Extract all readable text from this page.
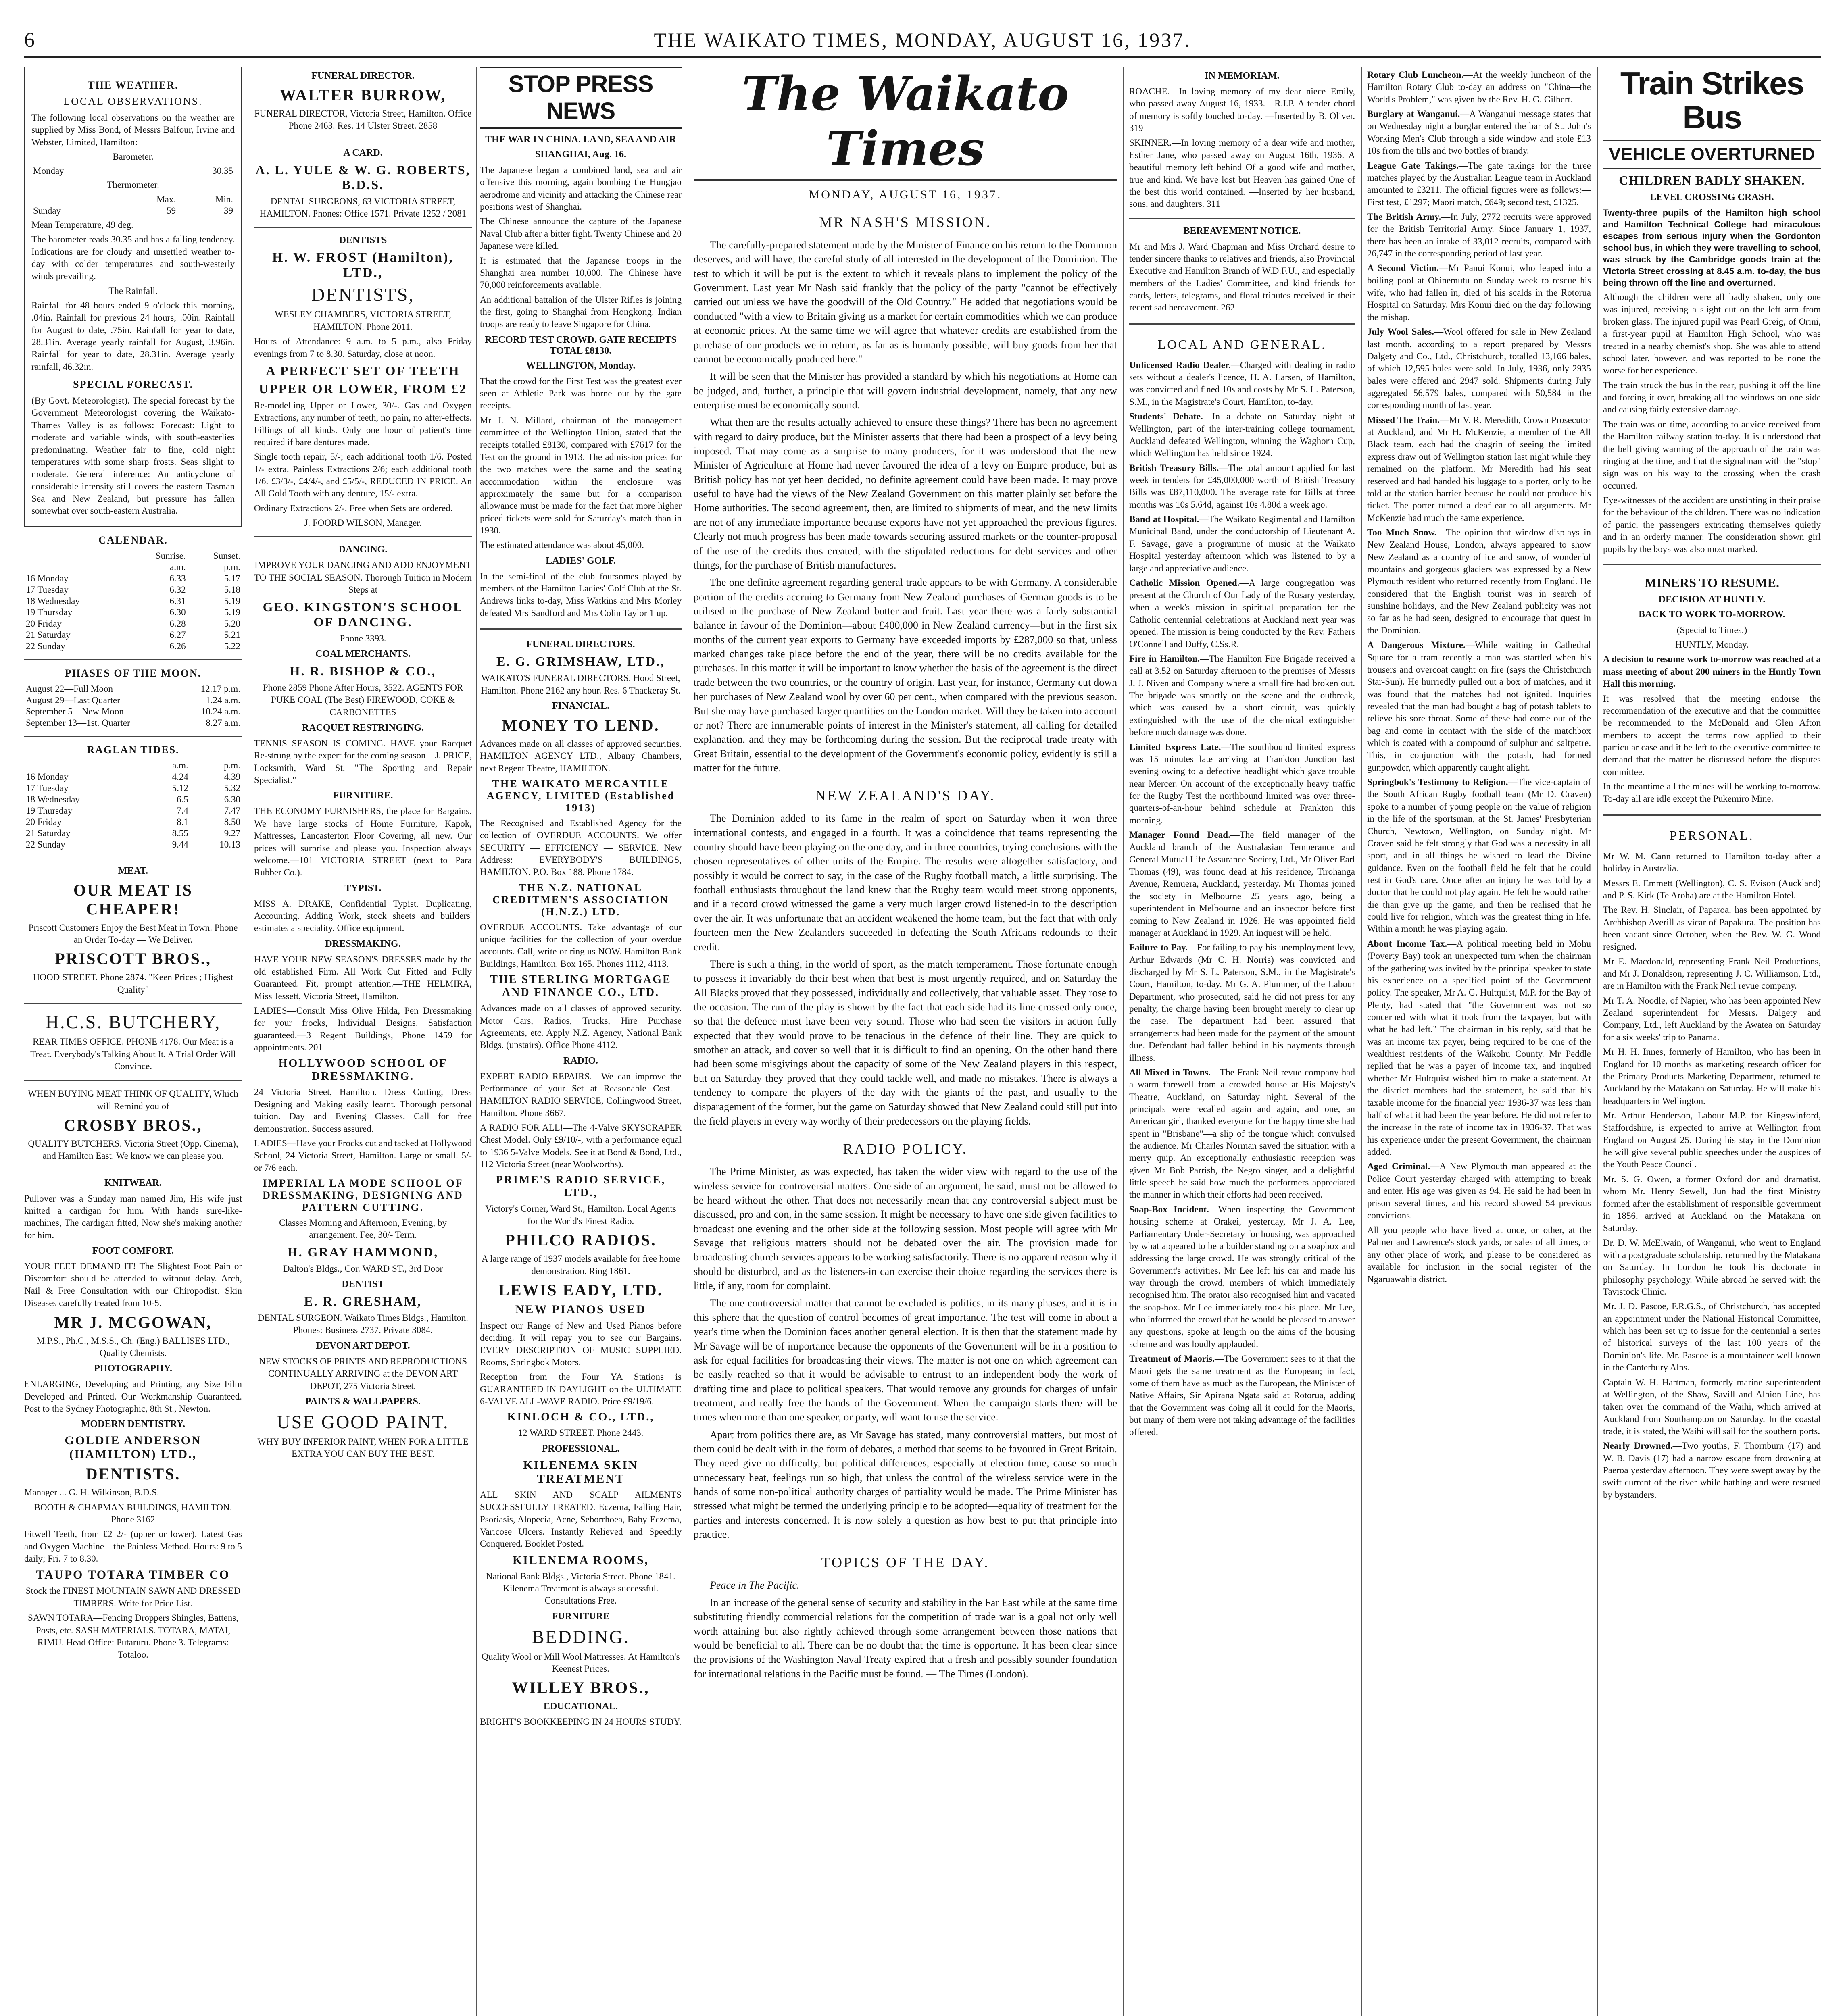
6	THE WAIKATO TIMES, MONDAY, AUGUST 16, 1937.
THE WEATHER.
LOCAL OBSERVATIONS.

The following local observations on the weather are supplied by Miss Bond, of Messrs Balfour, Irvine and Webster, Limited, Hamilton:

Barometer.
Monday	30.35
Thermometer.
	Max.	Min.
Sunday	59	39

Mean Temperature, 49 deg.

The barometer reads 30.35 and has a falling tendency. Indications are for cloudy and unsettled weather to-day with colder temperatures and south-westerly winds prevailing.

The Rainfall.

Rainfall for 48 hours ended 9 o'clock this morning, .04in. Rainfall for previous 24 hours, .00in. Rainfall for August to date, .75in. Rainfall for year to date, 28.31in. Average yearly rainfall for August, 3.96in. Rainfall for year to date, 28.31in. Average yearly rainfall, 46.32in.

SPECIAL FORECAST.

(By Govt. Meteorologist). The special forecast by the Government Meteorologist covering the Waikato-Thames Valley is as follows: Forecast: Light to moderate and variable winds, with south-easterlies predominating. Weather fair to fine, cold night temperatures with some sharp frosts. Seas slight to moderate. General inference: An anticyclone of considerable intensity still covers the eastern Tasman Sea and New Zealand, but pressure has fallen somewhat over south-eastern Australia.

CALENDAR.
	Sunrise.	Sunset.
	a.m.	p.m.
16 Monday	6.33	5.17
17 Tuesday	6.32	5.18
18 Wednesday	6.31	5.19
19 Thursday	6.30	5.19
20 Friday	6.28	5.20
21 Saturday	6.27	5.21
22 Sunday	6.26	5.22
PHASES OF THE MOON.
August 22—Full Moon	12.17 p.m.
August 29—Last Quarter	1.24 a.m.
September 5—New Moon	10.24 a.m.
September 13—1st. Quarter	8.27 a.m.
RAGLAN TIDES.
	a.m.	p.m.
16 Monday	4.24	4.39
17 Tuesday	5.12	5.32
18 Wednesday	6.5	6.30
19 Thursday	7.4	7.47
20 Friday	8.1	8.50
21 Saturday	8.55	9.27
22 Sunday	9.44	10.13
MEAT.
OUR MEAT IS CHEAPER!

Priscott Customers Enjoy the Best Meat in Town. Phone an Order To-day — We Deliver.

PRISCOTT BROS.,

HOOD STREET. Phone 2874. "Keen Prices ; Highest Quality"

H.C.S. BUTCHERY,

REAR TIMES OFFICE. PHONE 4178. Our Meat is a Treat. Everybody's Talking About It. A Trial Order Will Convince.

WHEN BUYING MEAT THINK OF QUALITY, Which will Remind you of

CROSBY BROS.,

QUALITY BUTCHERS, Victoria Street (Opp. Cinema), and Hamilton East. We know we can please you.

KNITWEAR.

Pullover was a Sunday man named Jim, His wife just knitted a cardigan for him. With hands sure-like-machines, The cardigan fitted, Now she's making another for him.

FOOT COMFORT.

YOUR FEET DEMAND IT! The Slightest Foot Pain or Discomfort should be attended to without delay. Arch, Nail & Free Consultation with our Chiropodist. Skin Diseases carefully treated from 10-5.

MR J. MCGOWAN,

M.P.S., Ph.C., M.S.S., Ch. (Eng.) BALLISES LTD., Quality Chemists.

PHOTOGRAPHY.

ENLARGING, Developing and Printing, any Size Film Developed and Printed. Our Workmanship Guaranteed. Post to the Sydney Photographic, 8th St., Newton.

MODERN DENTISTRY.
GOLDIE ANDERSON (HAMILTON) LTD.,
DENTISTS.

Manager ... G. H. Wilkinson, B.D.S.

BOOTH & CHAPMAN BUILDINGS, HAMILTON. Phone 3162

Fitwell Teeth, from £2 2/- (upper or lower). Latest Gas and Oxygen Machine—the Painless Method. Hours: 9 to 5 daily; Fri. 7 to 8.30.

TAUPO TOTARA TIMBER CO

Stock the FINEST MOUNTAIN SAWN AND DRESSED TIMBERS. Write for Price List.

SAWN TOTARA—Fencing Droppers Shingles, Battens, Posts, etc. SASH MATERIALS. TOTARA, MATAI, RIMU. Head Office: Putaruru. Phone 3. Telegrams: Totaloo.

FUNERAL DIRECTOR.
WALTER BURROW,

FUNERAL DIRECTOR, Victoria Street, Hamilton. Office Phone 2463. Res. 14 Ulster Street. 2858

A CARD.
A. L. YULE & W. G. ROBERTS, B.D.S.

DENTAL SURGEONS, 63 VICTORIA STREET, HAMILTON. Phones: Office 1571. Private 1252 / 2081

DENTISTS
H. W. FROST (Hamilton), LTD.,
DENTISTS,

WESLEY CHAMBERS, VICTORIA STREET, HAMILTON. Phone 2011.

Hours of Attendance: 9 a.m. to 5 p.m., also Friday evenings from 7 to 8.30. Saturday, close at noon.

A PERFECT SET OF TEETH
UPPER OR LOWER, FROM £2

Re-modelling Upper or Lower, 30/-. Gas and Oxygen Extractions, any number of teeth, no pain, no after-effects. Fillings of all kinds. Only one hour of patient's time required if bare dentures made.

Single tooth repair, 5/-; each additional tooth 1/6. Posted 1/- extra. Painless Extractions 2/6; each additional tooth 1/6. £3/3/-, £4/4/-, and £5/5/-, REDUCED IN PRICE. An All Gold Tooth with any denture, 15/- extra.

Ordinary Extractions 2/-. Free when Sets are ordered.

J. FOORD WILSON, Manager.

DANCING.

IMPROVE YOUR DANCING AND ADD ENJOYMENT TO THE SOCIAL SEASON. Thorough Tuition in Modern Steps at

GEO. KINGSTON'S SCHOOL OF DANCING.

Phone 3393.

COAL MERCHANTS.
H. R. BISHOP & CO.,

Phone 2859 Phone After Hours, 3522. AGENTS FOR PUKE COAL (The Best) FIREWOOD, COKE & CARBONETTES

RACQUET RESTRINGING.

TENNIS SEASON IS COMING. HAVE your Racquet Re-strung by the expert for the coming season—J. PRICE, Locksmith, Ward St. "The Sporting and Repair Specialist."

FURNITURE.

THE ECONOMY FURNISHERS, the place for Bargains. We have large stocks of Home Furniture, Kapok, Mattresses, Lancasterton Floor Covering, all new. Our prices will surprise and please you. Inspection always welcome.—101 VICTORIA STREET (next to Para Rubber Co.).

TYPIST.

MISS A. DRAKE, Confidential Typist. Duplicating, Accounting. Adding Work, stock sheets and builders' estimates a speciality. Office equipment.

DRESSMAKING.

HAVE YOUR NEW SEASON'S DRESSES made by the old established Firm. All Work Cut Fitted and Fully Guaranteed. Fit, prompt attention.—THE HELMIRA, Miss Jessett, Victoria Street, Hamilton.

LADIES—Consult Miss Olive Hilda, Pen Dressmaking for your frocks, Individual Designs. Satisfaction guaranteed.—3 Regent Buildings, Phone 1459 for appointments. 201

HOLLYWOOD SCHOOL OF DRESSMAKING.

24 Victoria Street, Hamilton. Dress Cutting, Dress Designing and Making easily learnt. Thorough personal tuition. Day and Evening Classes. Call for free demonstration. Success assured.

LADIES—Have your Frocks cut and tacked at Hollywood School, 24 Victoria Street, Hamilton. Large or small. 5/- or 7/6 each.

IMPERIAL LA MODE SCHOOL OF DRESSMAKING, DESIGNING AND PATTERN CUTTING.

Classes Morning and Afternoon, Evening, by arrangement. Fee, 30/- Term.

H. GRAY HAMMOND,

Dalton's Bldgs., Cor. WARD ST., 3rd Door

DENTIST
E. R. GRESHAM,

DENTAL SURGEON. Waikato Times Bldgs., Hamilton. Phones: Business 2737. Private 3084.

DEVON ART DEPOT.

NEW STOCKS OF PRINTS AND REPRODUCTIONS CONTINUALLY ARRIVING at the DEVON ART DEPOT, 275 Victoria Street.

PAINTS & WALLPAPERS.
USE GOOD PAINT.

WHY BUY INFERIOR PAINT, WHEN FOR A LITTLE EXTRA YOU CAN BUY THE BEST.

STOP PRESS NEWS
THE WAR IN CHINA. LAND, SEA AND AIR
SHANGHAI, Aug. 16.

The Japanese began a combined land, sea and air offensive this morning, again bombing the Hungjao aerodrome and vicinity and attacking the Chinese rear positions west of Shanghai.

The Chinese announce the capture of the Japanese Naval Club after a bitter fight. Twenty Chinese and 20 Japanese were killed.

It is estimated that the Japanese troops in the Shanghai area number 10,000. The Chinese have 70,000 reinforcements available.

An additional battalion of the Ulster Rifles is joining the first, going to Shanghai from Hongkong. Indian troops are ready to leave Singapore for China.

RECORD TEST CROWD. GATE RECEIPTS TOTAL £8130.
WELLINGTON, Monday.

That the crowd for the First Test was the greatest ever seen at Athletic Park was borne out by the gate receipts.

Mr J. N. Millard, chairman of the management committee of the Wellington Union, stated that the receipts totalled £8130, compared with £7617 for the Test on the ground in 1913. The admission prices for the two matches were the same and the seating accommodation within the enclosure was approximately the same but for a comparison allowance must be made for the fact that more higher priced tickets were sold for Saturday's match than in 1930.

The estimated attendance was about 45,000.

LADIES' GOLF.

In the semi-final of the club foursomes played by members of the Hamilton Ladies' Golf Club at the St. Andrews links to-day, Miss Watkins and Mrs Morley defeated Mrs Sandford and Mrs Colin Taylor 1 up.

FUNERAL DIRECTORS.
E. G. GRIMSHAW, LTD.,

WAIKATO'S FUNERAL DIRECTORS. Hood Street, Hamilton. Phone 2162 any hour. Res. 6 Thackeray St.

FINANCIAL.
MONEY TO LEND.

Advances made on all classes of approved securities. HAMILTON AGENCY LTD., Albany Chambers, next Regent Theatre, HAMILTON.

THE WAIKATO MERCANTILE AGENCY, LIMITED (Established 1913)

The Recognised and Established Agency for the collection of OVERDUE ACCOUNTS. We offer SECURITY — EFFICIENCY — SERVICE. New Address: EVERYBODY'S BUILDINGS, HAMILTON. P.O. Box 188. Phone 1784.

THE N.Z. NATIONAL CREDITMEN'S ASSOCIATION (H.N.Z.) LTD.

OVERDUE ACCOUNTS. Take advantage of our unique facilities for the collection of your overdue accounts. Call, write or ring us NOW. Hamilton Bank Buildings, Hamilton. Box 165. Phones 1112, 4113.

THE STERLING MORTGAGE AND FINANCE CO., LTD.

Advances made on all classes of approved security. Motor Cars, Radios, Trucks, Hire Purchase Agreements, etc. Apply N.Z. Agency, National Bank Bldgs. (upstairs). Office Phone 4112.

RADIO.

EXPERT RADIO REPAIRS.—We can improve the Performance of your Set at Reasonable Cost.—HAMILTON RADIO SERVICE, Collingwood Street, Hamilton. Phone 3667.

A RADIO FOR ALL!—The 4-Valve SKYSCRAPER Chest Model. Only £9/10/-, with a performance equal to 1936 5-Valve Models. See it at Bond & Bond, Ltd., 112 Victoria Street (near Woolworths).

PRIME'S RADIO SERVICE, LTD.,

Victory's Corner, Ward St., Hamilton. Local Agents for the World's Finest Radio.

PHILCO RADIOS.

A large range of 1937 models available for free home demonstration. Ring 1861.

LEWIS EADY, LTD.
NEW PIANOS USED

Inspect our Range of New and Used Pianos before deciding. It will repay you to see our Bargains. EVERY DESCRIPTION OF MUSIC SUPPLIED. Rooms, Springbok Motors.

Reception from the Four YA Stations is GUARANTEED IN DAYLIGHT on the ULTIMATE 6-VALVE ALL-WAVE RADIO. Price £9/19/6.

KINLOCH & CO., LTD.,

12 WARD STREET. Phone 2443.

PROFESSIONAL.
KILENEMA SKIN TREATMENT

ALL SKIN AND SCALP AILMENTS SUCCESSFULLY TREATED. Eczema, Falling Hair, Psoriasis, Alopecia, Acne, Seborrhoea, Baby Eczema, Varicose Ulcers. Instantly Relieved and Speedily Conquered. Booklet Posted.

KILENEMA ROOMS,

National Bank Bldgs., Victoria Street. Phone 1841. Kilenema Treatment is always successful. Consultations Free.

FURNITURE
BEDDING.

Quality Wool or Mill Wool Mattresses. At Hamilton's Keenest Prices.

WILLEY BROS.,
EDUCATIONAL.

BRIGHT'S BOOKKEEPING IN 24 HOURS STUDY.

The Waikato Times
MONDAY, AUGUST 16, 1937.
MR NASH'S MISSION.

The carefully-prepared statement made by the Minister of Finance on his return to the Dominion deserves, and will have, the careful study of all interested in the development of the Dominion. The test to which it will be put is the extent to which it reveals plans to implement the policy of the Government. Last year Mr Nash said frankly that the policy of the party "cannot be effectively carried out unless we have the goodwill of the Old Country." He added that negotiations would be conducted "with a view to Britain giving us a market for certain commodities which we can produce at economic prices. At the same time we will agree that whatever credits are established from the purchase of our products we in return, as far as is humanly possible, will buy goods from her that cannot be economically produced here."

It will be seen that the Minister has provided a standard by which his negotiations at Home can be judged, and, further, a principle that will govern industrial development, namely, that any new enterprise must be economically sound.

What then are the results actually achieved to ensure these things? There has been no agreement with regard to dairy produce, but the Minister asserts that there had been a prospect of a levy being imposed. That may come as a surprise to many producers, for it was understood that the new Minister of Agriculture at Home had never favoured the idea of a levy on Empire produce, but as British policy has not yet been decided, no definite agreement could have been made. It may prove useful to have had the views of the New Zealand Government on this matter plainly set before the Home authorities. The second agreement, then, are limited to shipments of meat, and the new limits are not of any immediate importance because exports have not yet approached the previous figures. Clearly not much progress has been made towards securing assured markets or the counter-proposal of the use of the credits thus created, with the stipulated reductions for debt services and other things, for the purchase of British manufactures.

The one definite agreement regarding general trade appears to be with Germany. A considerable portion of the credits accruing to Germany from New Zealand purchases of German goods is to be utilised in the purchase of New Zealand butter and fruit. Last year there was a fairly substantial balance in favour of the Dominion—about £400,000 in New Zealand currency—but in the first six months of the current year exports to Germany have exceeded imports by £287,000 so that, unless marked changes take place before the end of the year, there will be no credits available for the purchases. In this matter it will be important to know whether the basis of the agreement is the direct trade between the two countries, or the country of origin. Last year, for instance, Germany cut down her purchases of New Zealand wool by over 60 per cent., when compared with the previous season. But she may have purchased larger quantities on the London market. Will they be taken into account or not? There are innumerable points of interest in the Minister's statement, all calling for detailed explanation, and they may be forthcoming during the session. But the reciprocal trade treaty with Great Britain, essential to the development of the Government's economic policy, evidently is still a matter for the future.

NEW ZEALAND'S DAY.

The Dominion added to its fame in the realm of sport on Saturday when it won three international contests, and engaged in a fourth. It was a coincidence that teams representing the country should have been playing on the one day, and in three countries, trying conclusions with the chosen representatives of other units of the Empire. The results were altogether satisfactory, and possibly it would be correct to say, in the case of the Rugby football match, a little surprising. The football enthusiasts throughout the land knew that the Rugby team would meet strong opponents, and if a record crowd witnessed the game a very much larger crowd listened-in to the description over the air. It was unfortunate that an accident weakened the home team, but the fact that with only fourteen men the New Zealanders succeeded in defeating the South Africans redounds to their credit.

There is such a thing, in the world of sport, as the match temperament. Those fortunate enough to possess it invariably do their best when that best is most urgently required, and on Saturday the All Blacks proved that they possessed, individually and collectively, that valuable asset. They rose to the occasion. The run of the play is shown by the fact that each side had its line crossed only once, so that the defence must have been very sound. Those who had seen the visitors in action fully expected that they would prove to be tenacious in the defence of their line. They are quick to smother an attack, and cover so well that it is difficult to find an opening. On the other hand there had been some misgivings about the capacity of some of the New Zealand players in this respect, but on Saturday they proved that they could tackle well, and made no mistakes. There is always a tendency to compare the players of the day with the giants of the past, and usually to the disparagement of the former, but the game on Saturday showed that New Zealand could still put into the field players in every way worthy of their predecessors on the playing fields.

RADIO POLICY.

The Prime Minister, as was expected, has taken the wider view with regard to the use of the wireless service for controversial matters. One side of an argument, he said, must not be allowed to be heard without the other. That does not necessarily mean that any controversial subject must be discussed, pro and con, in the same session. It might be necessary to have one side given facilities to broadcast one evening and the other side at the following session. Most people will agree with Mr Savage that religious matters should not be debated over the air. The provision made for broadcasting church services appears to be working satisfactorily. There is no apparent reason why it should be disturbed, and as the listeners-in can exercise their choice regarding the services there is little, if any, room for complaint.

The one controversial matter that cannot be excluded is politics, in its many phases, and it is in this sphere that the question of control becomes of great importance. The test will come in about a year's time when the Dominion faces another general election. It is then that the statement made by Mr Savage will be of importance because the opponents of the Government will be in a position to ask for equal facilities for broadcasting their views. The matter is not one on which agreement can be easily reached so that it would be advisable to entrust to an independent body the work of drafting time and place to political speakers. That would remove any grounds for charges of unfair treatment, and really free the hands of the Government. When the campaign starts there will be times when more than one speaker, or party, will want to use the service.

Apart from politics there are, as Mr Savage has stated, many controversial matters, but most of them could be dealt with in the form of debates, a method that seems to be favoured in Great Britain. They need give no difficulty, but political differences, especially at election time, cause so much unnecessary heat, feelings run so high, that unless the control of the wireless service were in the hands of some non-political authority charges of partiality would be made. The Prime Minister has stressed what might be termed the underlying principle to be adopted—equality of treatment for the parties and interests concerned. It is now solely a question as how best to put that principle into practice.

TOPICS OF THE DAY.

Peace in The Pacific.

In an increase of the general sense of security and stability in the Far East while at the same time substituting friendly commercial relations for the competition of trade war is a goal not only well worth attaining but also rightly achieved through some arrangement between those nations that would be beneficial to all. There can be no doubt that the time is opportune. It has been clear since the provisions of the Washington Naval Treaty expired that a fresh and possibly sounder foundation for international relations in the Pacific must be found. — The Times (London).

IN MEMORIAM.

ROACHE.—In loving memory of my dear niece Emily, who passed away August 16, 1933.—R.I.P. A tender chord of memory is softly touched to-day. —Inserted by B. Oliver. 319

SKINNER.—In loving memory of a dear wife and mother, Esther Jane, who passed away on August 16th, 1936. A beautiful memory left behind Of a good wife and mother, true and kind. We have lost but Heaven has gained One of the best this world contained. —Inserted by her husband, sons, and daughters. 311

BEREAVEMENT NOTICE.

Mr and Mrs J. Ward Chapman and Miss Orchard desire to tender sincere thanks to relatives and friends, also Provincial Executive and Hamilton Branch of W.D.F.U., and especially members of the Ladies' Committee, and kind friends for cards, letters, telegrams, and floral tributes received in their recent sad bereavement. 262

LOCAL AND GENERAL.

Unlicensed Radio Dealer.—Charged with dealing in radio sets without a dealer's licence, H. A. Larsen, of Hamilton, was convicted and fined 10s and costs by Mr S. L. Paterson, S.M., in the Magistrate's Court, Hamilton, to-day.

Students' Debate.—In a debate on Saturday night at Wellington, part of the inter-training college tournament, Auckland defeated Wellington, winning the Waghorn Cup, which Wellington has held since 1924.

British Treasury Bills.—The total amount applied for last week in tenders for £45,000,000 worth of British Treasury Bills was £87,110,000. The average rate for Bills at three months was 10s 5.64d, against 10s 4.80d a week ago.

Band at Hospital.—The Waikato Regimental and Hamilton Municipal Band, under the conductorship of Lieutenant A. F. Savage, gave a programme of music at the Waikato Hospital yesterday afternoon which was listened to by a large and appreciative audience.

Catholic Mission Opened.—A large congregation was present at the Church of Our Lady of the Rosary yesterday, when a week's mission in spiritual preparation for the Catholic centennial celebrations at Auckland next year was opened. The mission is being conducted by the Rev. Fathers O'Connell and Duffy, C.Ss.R.

Fire in Hamilton.—The Hamilton Fire Brigade received a call at 3.52 on Saturday afternoon to the premises of Messrs J. J. Niven and Company where a small fire had broken out. The brigade was smartly on the scene and the outbreak, which was caused by a short circuit, was quickly extinguished with the use of the chemical extinguisher before much damage was done.

Limited Express Late.—The southbound limited express was 15 minutes late arriving at Frankton Junction last evening owing to a defective headlight which gave trouble near Mercer. On account of the exceptionally heavy traffic for the Rugby Test the northbound limited was over three-quarters-of-an-hour behind schedule at Frankton this morning.

Manager Found Dead.—The field manager of the Auckland branch of the Australasian Temperance and General Mutual Life Assurance Society, Ltd., Mr Oliver Earl Thomas (49), was found dead at his residence, Tirohanga Avenue, Remuera, Auckland, yesterday. Mr Thomas joined the society in Melbourne 25 years ago, being a superintendent in Melbourne and an inspector before first coming to New Zealand in 1926. He was appointed field manager at Auckland in 1929. An inquest will be held.

Failure to Pay.—For failing to pay his unemployment levy, Arthur Edwards (Mr C. H. Norris) was convicted and discharged by Mr S. L. Paterson, S.M., in the Magistrate's Court, Hamilton, to-day. Mr G. A. Plummer, of the Labour Department, who prosecuted, said he did not press for any penalty, the charge having been brought merely to clear up the case. The department had been assured that arrangements had been made for the payment of the amount due. Defendant had fallen behind in his payments through illness.

All Mixed in Towns.—The Frank Neil revue company had a warm farewell from a crowded house at His Majesty's Theatre, Auckland, on Saturday night. Several of the principals were recalled again and again, and one, an American girl, thanked everyone for the happy time she had spent in "Brisbane"—a slip of the tongue which convulsed the audience. Mr Charles Norman saved the situation with a merry quip. An exceptionally enthusiastic reception was given Mr Bob Parrish, the Negro singer, and a delightful little speech he said how much the performers appreciated the manner in which their efforts had been received.

Soap-Box Incident.—When inspecting the Government housing scheme at Orakei, yesterday, Mr J. A. Lee, Parliamentary Under-Secretary for housing, was approached by what appeared to be a builder standing on a soapbox and addressing the large crowd. He was strongly critical of the Government's activities. Mr Lee left his car and made his way through the crowd, members of which immediately recognised him. The orator also recognised him and vacated the soap-box. Mr Lee immediately took his place. Mr Lee, who informed the crowd that he would be pleased to answer any questions, spoke at length on the aims of the housing scheme and was loudly applauded.

Treatment of Maoris.—The Government sees to it that the Maori gets the same treatment as the European; in fact, some of them have as much as the European, the Minister of Native Affairs, Sir Apirana Ngata said at Rotorua, adding that the Government was doing all it could for the Maoris, but many of them were not taking advantage of the facilities offered.

Rotary Club Luncheon.—At the weekly luncheon of the Hamilton Rotary Club to-day an address on "China—the World's Problem," was given by the Rev. H. G. Gilbert.

Burglary at Wanganui.—A Wanganui message states that on Wednesday night a burglar entered the bar of St. John's Working Men's Club through a side window and stole £13 10s from the tills and two bottles of brandy.

League Gate Takings.—The gate takings for the three matches played by the Australian League team in Auckland amounted to £3211. The official figures were as follows:—First test, £1297; Maori match, £649; second test, £1325.

The British Army.—In July, 2772 recruits were approved for the British Territorial Army. Since January 1, 1937, there has been an intake of 33,012 recruits, compared with 26,747 in the corresponding period of last year.

A Second Victim.—Mr Panui Konui, who leaped into a boiling pool at Ohinemutu on Sunday week to rescue his wife, who had fallen in, died of his scalds in the Rotorua Hospital on Saturday. Mrs Konui died on the day following the mishap.

July Wool Sales.—Wool offered for sale in New Zealand last month, according to a report prepared by Messrs Dalgety and Co., Ltd., Christchurch, totalled 13,166 bales, of which 12,595 bales were sold. In July, 1936, only 2935 bales were offered and 2947 sold. Shipments during July aggregated 56,579 bales, compared with 50,584 in the corresponding month of last year.

Missed The Train.—Mr V. R. Meredith, Crown Prosecutor at Auckland, and Mr H. McKenzie, a member of the All Black team, each had the chagrin of seeing the limited express draw out of Wellington station last night while they remained on the platform. Mr Meredith had his seat reserved and had handed his luggage to a porter, only to be told at the station barrier because he could not produce his ticket. The porter turned a deaf ear to all arguments. Mr McKenzie had much the same experience.

Too Much Snow.—The opinion that window displays in New Zealand House, London, always appeared to show New Zealand as a country of ice and snow, of wonderful mountains and gorgeous glaciers was expressed by a New Plymouth resident who returned recently from England. He considered that the English tourist was in search of sunshine holidays, and the New Zealand publicity was not so far as he had seen, designed to encourage that quest in the Dominion.

A Dangerous Mixture.—While waiting in Cathedral Square for a tram recently a man was startled when his trousers and overcoat caught on fire (says the Christchurch Star-Sun). He hurriedly pulled out a box of matches, and it was found that the matches had not ignited. Inquiries revealed that the man had bought a bag of potash tablets to relieve his sore throat. Some of these had come out of the bag and come in contact with the side of the matchbox which is coated with a compound of sulphur and saltpetre. This, in conjunction with the potash, had formed gunpowder, which apparently caught alight.

Springbok's Testimony to Religion.—The vice-captain of the South African Rugby football team (Mr D. Craven) spoke to a number of young people on the value of religion in the life of the sportsman, at the St. James' Presbyterian Church, Newtown, Wellington, on Sunday night. Mr Craven said he felt strongly that God was a necessity in all sport, and in all things he wished to lead the Divine guidance. Even on the football field he felt that he could rest in God's care. Once after an injury he was told by a doctor that he could not play again. He felt he would rather die than give up the game, and then he realised that he could live for religion, which was the greatest thing in life. Within a month he was playing again.

About Income Tax.—A political meeting held in Mohu (Poverty Bay) took an unexpected turn when the chairman of the gathering was invited by the principal speaker to state his experience on a specified point of the Government policy. The speaker, Mr A. G. Hultquist, M.P. for the Bay of Plenty, had stated that "the Government was not so concerned with what it took from the taxpayer, but with what he had left." The chairman in his reply, said that he was an income tax payer, being required to be one of the wealthiest residents of the Waikohu County. Mr Peddle replied that he was a payer of income tax, and inquired whether Mr Hultquist wished him to make a statement. At the district members had the statement, he said that his taxable income for the financial year 1936-37 was less than half of what it had been the year before. He did not refer to the increase in the rate of income tax in 1936-37. That was his experience under the present Government, the chairman added.

Aged Criminal.—A New Plymouth man appeared at the Police Court yesterday charged with attempting to break and enter. His age was given as 94. He said he had been in prison several times, and his record showed 54 previous convictions.

All you people who have lived at once, or other, at the Palmer and Lawrence's stock yards, or sales of all times, or any other place of work, and please to be considered as available for inclusion in the social register of the Ngaruawahia district.

Train Strikes Bus
VEHICLE OVERTURNED
CHILDREN BADLY SHAKEN.
LEVEL CROSSING CRASH.

Twenty-three pupils of the Hamilton high school and Hamilton Technical College had miraculous escapes from serious injury when the Gordonton school bus, in which they were travelling to school, was struck by the Cambridge goods train at the Victoria Street crossing at 8.45 a.m. to-day, the bus being thrown off the line and overturned.

Although the children were all badly shaken, only one was injured, receiving a slight cut on the left arm from broken glass. The injured pupil was Pearl Greig, of Orini, a first-year pupil at Hamilton High School, who was treated in a nearby chemist's shop. She was able to attend school later, however, and was reported to be none the worse for her experience.

The train struck the bus in the rear, pushing it off the line and forcing it over, breaking all the windows on one side and causing fairly extensive damage.

The train was on time, according to advice received from the Hamilton railway station to-day. It is understood that the bell giving warning of the approach of the train was ringing at the time, and that the signalman with the "stop" sign was on his way to the crossing when the crash occurred.

Eye-witnesses of the accident are unstinting in their praise for the behaviour of the children. There was no indication of panic, the passengers extricating themselves quietly and in an orderly manner. The consideration shown girl pupils by the boys was also most marked.

MINERS TO RESUME.
DECISION AT HUNTLY.
BACK TO WORK TO-MORROW.
(Special to Times.)
HUNTLY, Monday.

A decision to resume work to-morrow was reached at a mass meeting of about 200 miners in the Huntly Town Hall this morning.

It was resolved that the meeting endorse the recommendation of the executive and that the committee be recommended to the McDonald and Glen Afton members to accept the terms now applied to their particular case and it be left to the executive committee to demand that the matter be discussed before the disputes committee.

In the meantime all the mines will be working to-morrow. To-day all are idle except the Pukemiro Mine.

PERSONAL.

Mr W. M. Cann returned to Hamilton to-day after a holiday in Australia.

Messrs E. Emmett (Wellington), C. S. Evison (Auckland) and P. S. Kirk (Te Aroha) are at the Hamilton Hotel.

The Rev. H. Sinclair, of Paparoa, has been appointed by Archbishop Averill as vicar of Papakura. The position has been vacant since October, when the Rev. W. G. Wood resigned.

Mr E. Macdonald, representing Frank Neil Productions, and Mr J. Donaldson, representing J. C. Williamson, Ltd., are in Hamilton with the Frank Neil revue company.

Mr T. A. Noodle, of Napier, who has been appointed New Zealand superintendent for Messrs. Dalgety and Company, Ltd., left Auckland by the Awatea on Saturday for a six weeks' trip to Panama.

Mr H. H. Innes, formerly of Hamilton, who has been in England for 10 months as marketing research officer for the Primary Products Marketing Department, returned to Auckland by the Matakana on Saturday. He will make his headquarters in Wellington.

Mr. Arthur Henderson, Labour M.P. for Kingswinford, Staffordshire, is expected to arrive at Wellington from England on August 25. During his stay in the Dominion he will give several public speeches under the auspices of the Youth Peace Council.

Mr. S. G. Owen, a former Oxford don and dramatist, whom Mr. Henry Sewell, Jun had the first Ministry formed after the establishment of responsible government in 1856, arrived at Auckland on the Matakana on Saturday.

Dr. D. W. McElwain, of Wanganui, who went to England with a postgraduate scholarship, returned by the Matakana on Saturday. In London he took his doctorate in philosophy psychology. While abroad he served with the Tavistock Clinic.

Mr. J. D. Pascoe, F.R.G.S., of Christchurch, has accepted an appointment under the National Historical Committee, which has been set up to issue for the centennial a series of historical surveys of the last 100 years of the Dominion's life. Mr. Pascoe is a mountaineer well known in the Canterbury Alps.

Captain W. H. Hartman, formerly marine superintendent at Wellington, of the Shaw, Savill and Albion Line, has taken over the command of the Waihi, which arrived at Auckland from Southampton on Saturday. In the coastal trade, it is stated, the Waihi will sail for the southern ports.

Nearly Drowned.—Two youths, F. Thornburn (17) and W. B. Davis (17) had a narrow escape from drowning at Paeroa yesterday afternoon. They were swept away by the swift current of the river while bathing and were rescued by bystanders.
